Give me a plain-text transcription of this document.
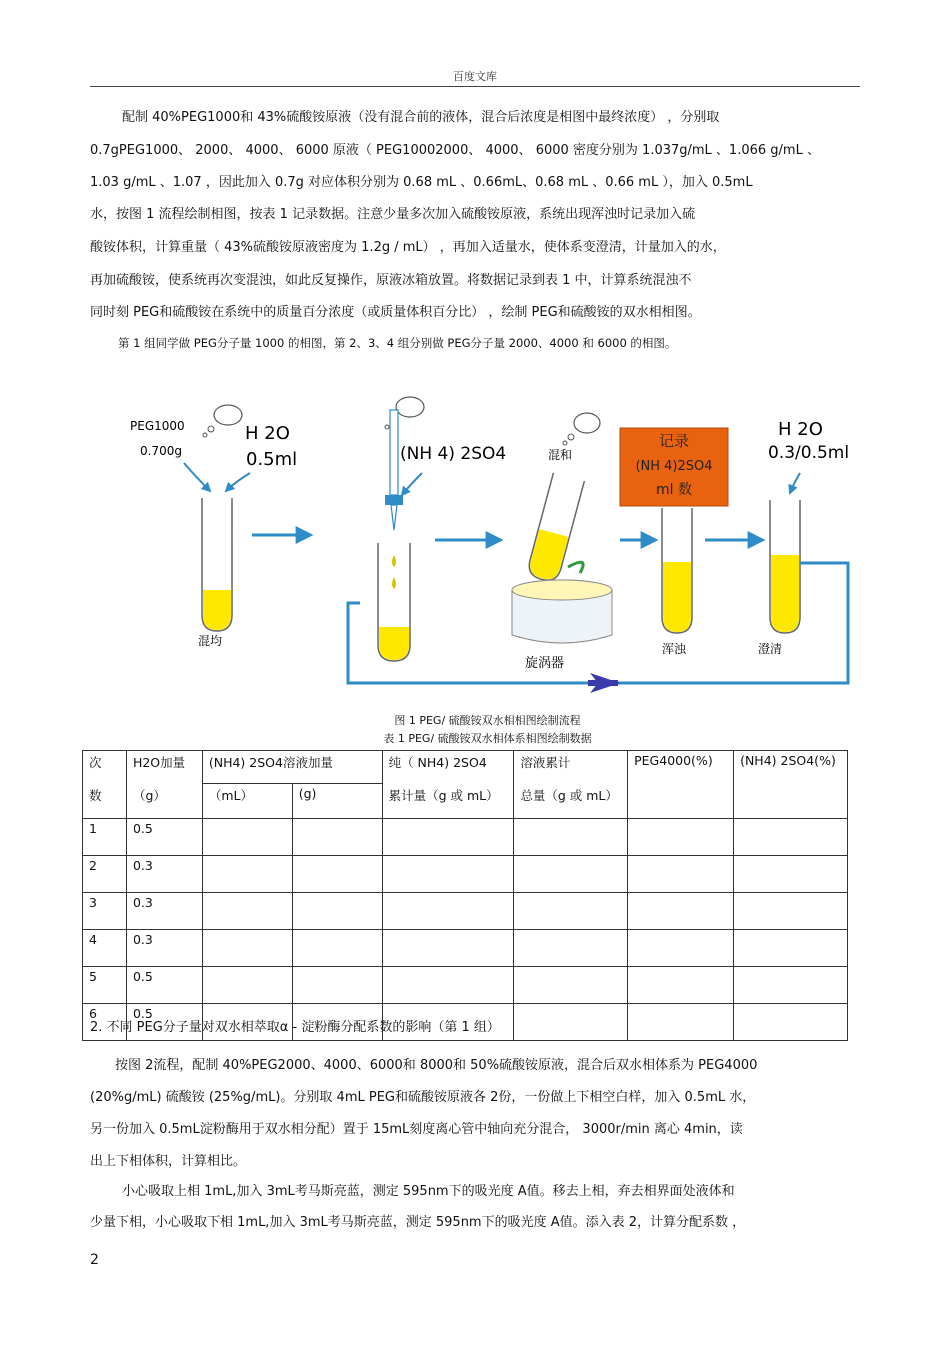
百度文库
配制 40%PEG1000和 43%硫酸铵原液（没有混合前的液体，混合后浓度是相图中最终浓度） ，分别取
0.7gPEG1000、 2000、 4000、 6000 原液（ PEG10002000、 4000、 6000 密度分别为 1.037g/mL 、1.066 g/mL 、
1.03 g/mL 、1.07 ，因此加入 0.7g 对应体积分别为 0.68 mL 、0.66mL、0.68 mL 、0.66 mL ），加入 0.5mL
水，按图 1 流程绘制相图，按表 1 记录数据。注意少量多次加入硫酸铵原液，系统出现浑浊时记录加入硫
酸铵体积，计算重量（ 43%硫酸铵原液密度为 1.2g / mL） ，再加入适量水，使体系变澄清，计量加入的水，
再加硫酸铵，使系统再次变混浊，如此反复操作，原液冰箱放置。将数据记录到表 1 中，计算系统混浊不
同时刻 PEG和硫酸铵在系统中的质量百分浓度（或质量体积百分比） ，绘制 PEG和硫酸铵的双水相相图。
第 1 组同学做 PEG分子量 1000 的相图，第 2、3、4 组分别做 PEG分子量 2000、4000 和 6000 的相图。
PEG1000
0.700g
H 2O
0.5ml	(NH 4) 2SO4	混和
H 2O
0.3/0.5ml
记录
(NH 4)2SO4
ml 数
混均
旋涡器
浑浊	澄清
图 1 PEG/ 硫酸铵双水相相图绘制流程
表 1 PEG/ 硫酸铵双水相体系相图绘制数据
次	H2O加量	(NH4) 2SO4溶液加量		纯（ NH4) 2SO4	溶液累计	PEG4000(%)	(NH4) 2SO4(%)
数	（g）	（mL）	(g)	累计量（g 或 mL）	总量（g 或 mL）		
1	0.5						
2	0.3						
3	0.3						
4	0.3						
5	0.5						
6	0.5						
2. 不同 PEG分子量对双水相萃取α - 淀粉酶分配系数的影响（第 1 组）
按图 2流程，配制 40%PEG2000、4000、6000和 8000和 50%硫酸铵原液，混合后双水相体系为 PEG4000
(20%g/mL) 硫酸铵 (25%g/mL)。分别取 4mL PEG和硫酸铵原液各 2份，一份做上下相空白样，加入 0.5mL 水，
另一份加入 0.5mL淀粉酶用于双水相分配）置于 15mL刻度离心管中轴向充分混合， 3000r/min 离心 4min，读
出上下相体积，计算相比。
小心吸取上相 1mL,加入 3mL考马斯亮蓝，测定 595nm下的吸光度 A值。移去上相，弃去相界面处液体和
少量下相，小心吸取下相 1mL,加入 3mL考马斯亮蓝，测定 595nm下的吸光度 A值。添入表 2，计算分配系数 ，
2
